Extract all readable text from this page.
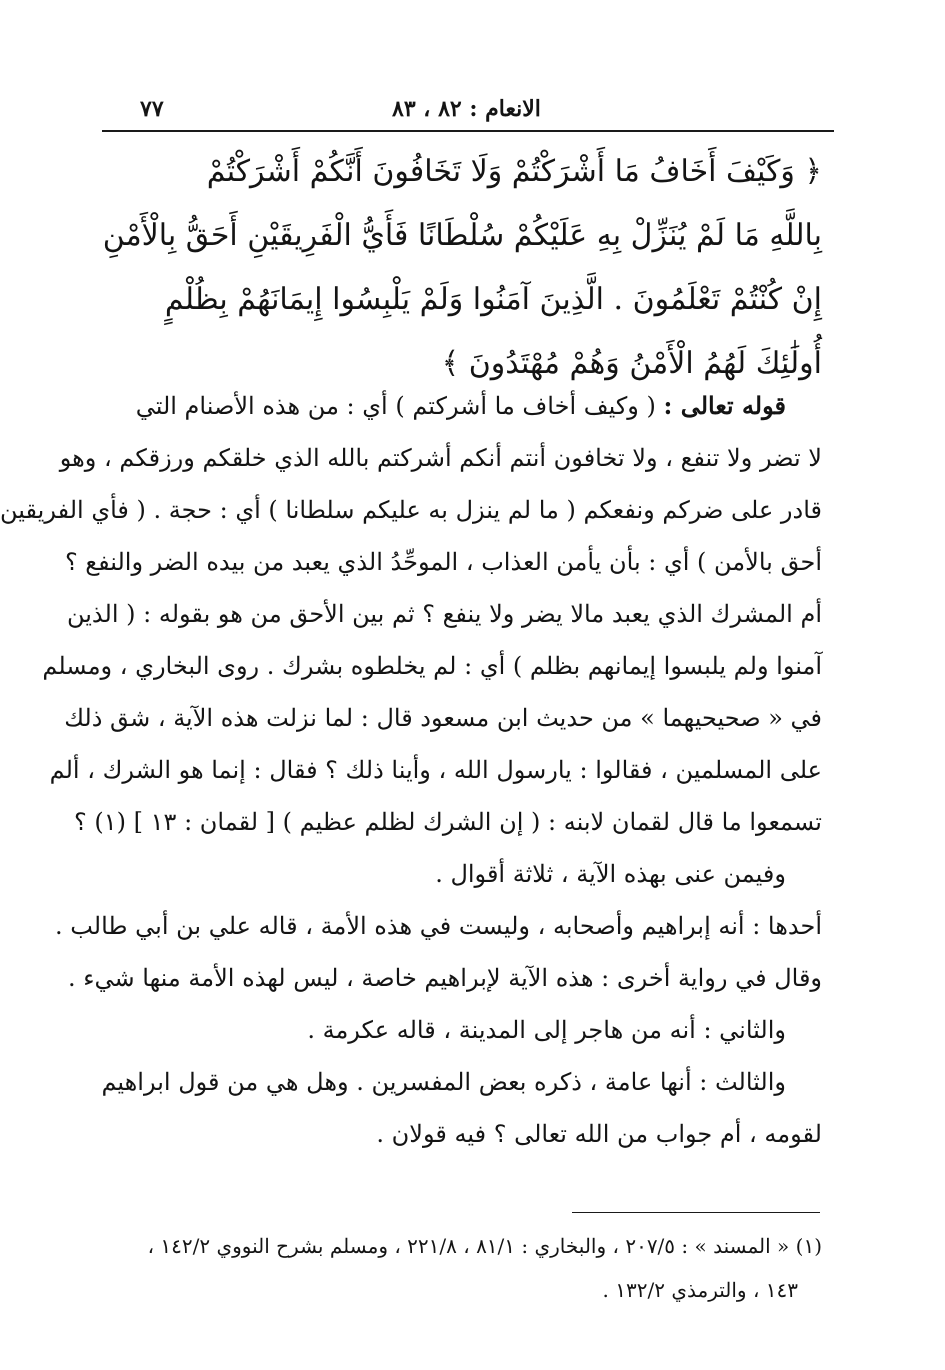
٧٧	الانعام : ٨٢ ، ٨٣
﴿ وَكَيْفَ أَخَافُ مَا أَشْرَكْتُمْ وَلَا تَخَافُونَ أَنَّكُمْ أَشْرَكْتُمْ
بِاللَّهِ مَا لَمْ يُنَزِّلْ بِهِ عَلَيْكُمْ سُلْطَانًا فَأَيُّ الْفَرِيقَيْنِ أَحَقُّ بِالْأَمْنِ
إِنْ كُنْتُمْ تَعْلَمُونَ . الَّذِينَ آمَنُوا وَلَمْ يَلْبِسُوا إِيمَانَهُمْ بِظُلْمٍ
أُولَٰئِكَ لَهُمُ الْأَمْنُ وَهُمْ مُهْتَدُونَ ﴾
قوله تعالى : ( وكيف أخاف ما أشركتم ) أي : من هذه الأصنام التي
لا تضر ولا تنفع ، ولا تخافون أنتم أنكم أشركتم بالله الذي خلقكم ورزقكم ، وهو
قادر على ضركم ونفعكم ( ما لم ينزل به عليكم سلطانا ) أي : حجة . ( فأي الفريقين
أحق بالأمن ) أي : بأن يأمن العذاب ، الموحِّدُ الذي يعبد من بيده الضر والنفع ؟
أم المشرك الذي يعبد مالا يضر ولا ينفع ؟ ثم بين الأحق من هو بقوله : ( الذين
آمنوا ولم يلبسوا إيمانهم بظلم ) أي : لم يخلطوه بشرك . روى البخاري ، ومسلم
في « صحيحيهما » من حديث ابن مسعود قال : لما نزلت هذه الآية ، شق ذلك
على المسلمين ، فقالوا : يارسول الله ، وأينا ذلك ؟ فقال : إنما هو الشرك ، ألم
تسمعوا ما قال لقمان لابنه : ( إن الشرك لظلم عظيم ) [ لقمان : ١٣ ] (١) ؟
وفيمن عنى بهذه الآية ، ثلاثة أقوال .
أحدها : أنه إبراهيم وأصحابه ، وليست في هذه الأمة ، قاله علي بن أبي طالب .
وقال في رواية أخرى : هذه الآية لإبراهيم خاصة ، ليس لهذه الأمة منها شيء .
والثاني : أنه من هاجر إلى المدينة ، قاله عكرمة .
والثالث : أنها عامة ، ذكره بعض المفسرين . وهل هي من قول ابراهيم
لقومه ، أم جواب من الله تعالى ؟ فيه قولان .
(١) « المسند » : ٢٠٧/٥ ، والبخاري : ٨١/١ ، ٢٢١/٨ ، ومسلم بشرح النووي ١٤٢/٢ ،
١٤٣ ، والترمذي ١٣٢/٢ .
